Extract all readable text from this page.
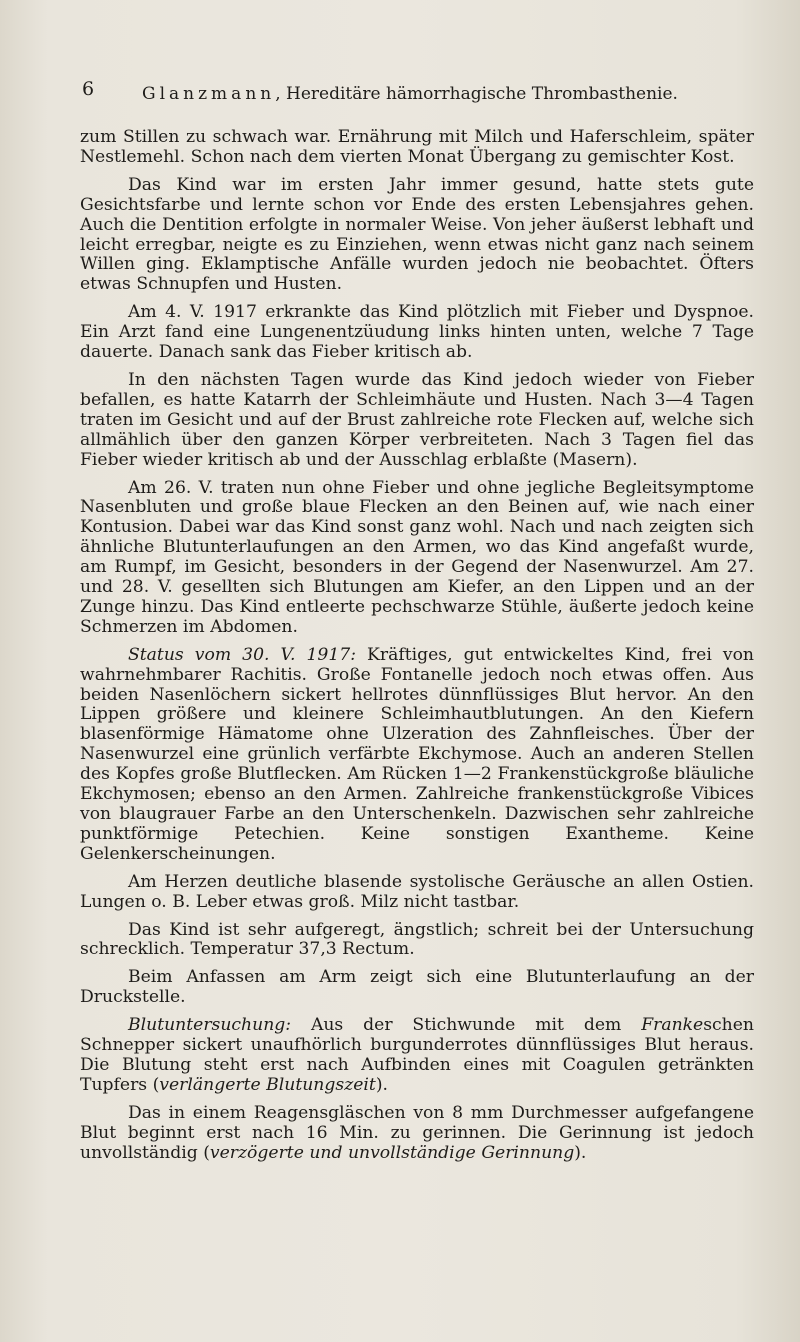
6	Glanzmann, Hereditäre hämorrhagische Thrombasthenie.

zum Stillen zu schwach war. Ernährung mit Milch und Haferschleim, später Nestlemehl. Schon nach dem vierten Monat Übergang zu gemischter Kost.

Das Kind war im ersten Jahr immer gesund, hatte stets gute Gesichtsfarbe und lernte schon vor Ende des ersten Lebensjahres gehen. Auch die Dentition erfolgte in normaler Weise. Von jeher äußerst lebhaft und leicht erregbar, neigte es zu Einziehen, wenn etwas nicht ganz nach seinem Willen ging. Eklamptische Anfälle wurden jedoch nie beobachtet. Öfters etwas Schnupfen und Husten.

Am 4. V. 1917 erkrankte das Kind plötzlich mit Fieber und Dyspnoe. Ein Arzt fand eine Lungenentzüudung links hinten unten, welche 7 Tage dauerte. Danach sank das Fieber kritisch ab.

In den nächsten Tagen wurde das Kind jedoch wieder von Fieber befallen, es hatte Katarrh der Schleimhäute und Husten. Nach 3—4 Tagen traten im Gesicht und auf der Brust zahlreiche rote Flecken auf, welche sich allmählich über den ganzen Körper verbreiteten. Nach 3 Tagen fiel das Fieber wieder kritisch ab und der Ausschlag erblaßte (Masern).

Am 26. V. traten nun ohne Fieber und ohne jegliche Begleitsymptome Nasenbluten und große blaue Flecken an den Beinen auf, wie nach einer Kontusion. Dabei war das Kind sonst ganz wohl. Nach und nach zeigten sich ähnliche Blutunterlaufungen an den Armen, wo das Kind angefaßt wurde, am Rumpf, im Gesicht, besonders in der Gegend der Nasenwurzel. Am 27. und 28. V. gesellten sich Blutungen am Kiefer, an den Lippen und an der Zunge hinzu. Das Kind entleerte pechschwarze Stühle, äußerte jedoch keine Schmerzen im Abdomen.

Status vom 30. V. 1917: Kräftiges, gut entwickeltes Kind, frei von wahrnehmbarer Rachitis. Große Fontanelle jedoch noch etwas offen. Aus beiden Nasenlöchern sickert hellrotes dünnflüssiges Blut hervor. An den Lippen größere und kleinere Schleimhautblutungen. An den Kiefern blasenförmige Hämatome ohne Ulzeration des Zahnfleisches. Über der Nasenwurzel eine grünlich verfärbte Ekchymose. Auch an anderen Stellen des Kopfes große Blutflecken. Am Rücken 1—2 Frankenstückgroße bläuliche Ekchymosen; ebenso an den Armen. Zahlreiche frankenstückgroße Vibices von blaugrauer Farbe an den Unterschenkeln. Dazwischen sehr zahlreiche punktförmige Petechien. Keine sonstigen Exantheme. Keine Gelenkerscheinungen.

Am Herzen deutliche blasende systolische Geräusche an allen Ostien. Lungen o. B. Leber etwas groß. Milz nicht tastbar.

Das Kind ist sehr aufgeregt, ängstlich; schreit bei der Untersuchung schrecklich. Temperatur 37,3 Rectum.

Beim Anfassen am Arm zeigt sich eine Blutunterlaufung an der Druckstelle.

Blutuntersuchung: Aus der Stichwunde mit dem Frankeschen Schnepper sickert unaufhörlich burgunderrotes dünnflüssiges Blut heraus. Die Blutung steht erst nach Aufbinden eines mit Coagulen getränkten Tupfers (verlängerte Blutungszeit).

Das in einem Reagensgläschen von 8 mm Durchmesser aufgefangene Blut beginnt erst nach 16 Min. zu gerinnen. Die Gerinnung ist jedoch unvollständig (verzögerte und unvollständige Gerinnung).
